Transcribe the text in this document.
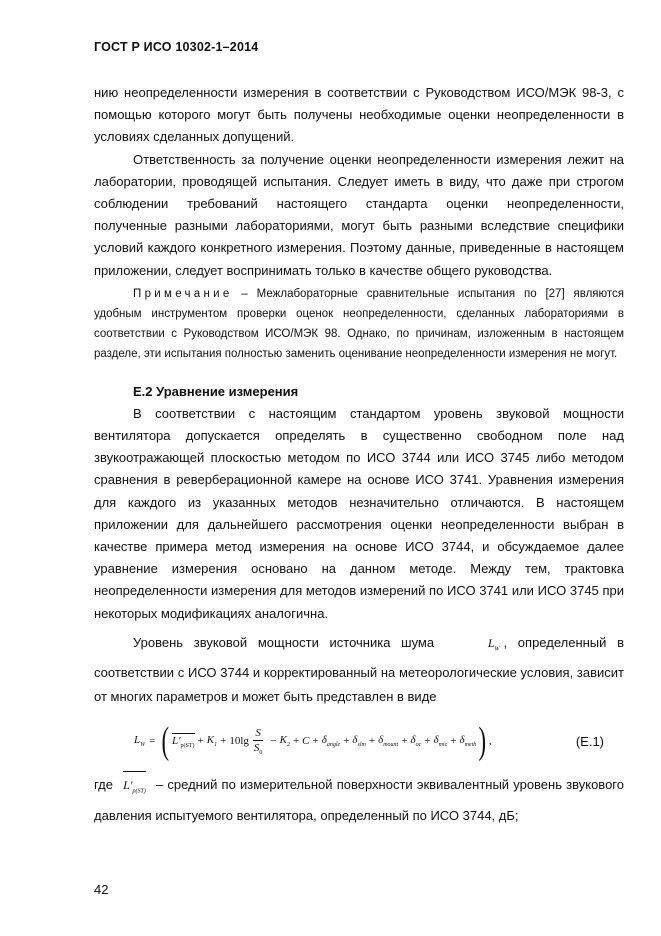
ГОСТ Р ИСО 10302-1–2014

нию неопределенности измерения в соответствии с Руководством ИСО/МЭК 98-3, с помощью которого могут быть получены необходимые оценки неопределенности в условиях сделанных допущений.

Ответственность за получение оценки неопределенности измерения лежит на лаборатории, проводящей испытания. Следует иметь в виду, что даже при строгом соблюдении требований настоящего стандарта оценки неопределенности, полученные разными лабораториями, могут быть разными вследствие специфики условий каждого конкретного измерения. Поэтому данные, приведенные в настоящем приложении, следует воспринимать только в качестве общего руководства.

Примечание – Межлабораторные сравнительные испытания по [27] являются удобным инструментом проверки оценок неопределенности, сделанных лабораториями в соответствии с Руководством ИСО/МЭК 98. Однако, по причинам, изложенным в настоящем разделе, эти испытания полностью заменить оценивание неопределенности измерения не могут.
Е.2 Уравнение измерения

В соответствии с настоящим стандартом уровень звуковой мощности вентилятора допускается определять в существенно свободном поле над звукоотражающей плоскостью методом по ИСО 3744 или ИСО 3745 либо методом сравнения в реверберационной камере на основе ИСО 3741. Уравнения измерения для каждого из указанных методов незначительно отличаются. В настоящем приложении для дальнейшего рассмотрения оценки неопределенности выбран в качестве примера метод измерения на основе ИСО 3744, и обсуждаемое далее уравнение измерения основано на данном методе. Между тем, трактовка неопределенности измерения для методов измерений по ИСО 3741 или ИСО 3745 при некоторых модификациях аналогична.

Уровень звуковой мощности источника шума	$L_W$ , определенный в соответствии с ИСО 3744 и корректированный на метеорологические условия, зависит от многих параметров и может быть представлен в виде

$L_W$ = ( $L'_{p(ST)} + K_1 + 10\lg \frac{S}{S_0} - K_2 + C + \delta_{angle} + \delta_{slm} + \delta_{mount} + \delta_{oc} + \delta_{mic} + \delta_{meth}$ ) ,	(Е.1)

где $L'_{p(ST)}$ – средний по измерительной поверхности эквивалентный уровень звукового давления испытуемого вентилятора, определенный по ИСО 3744, дБ;

42
